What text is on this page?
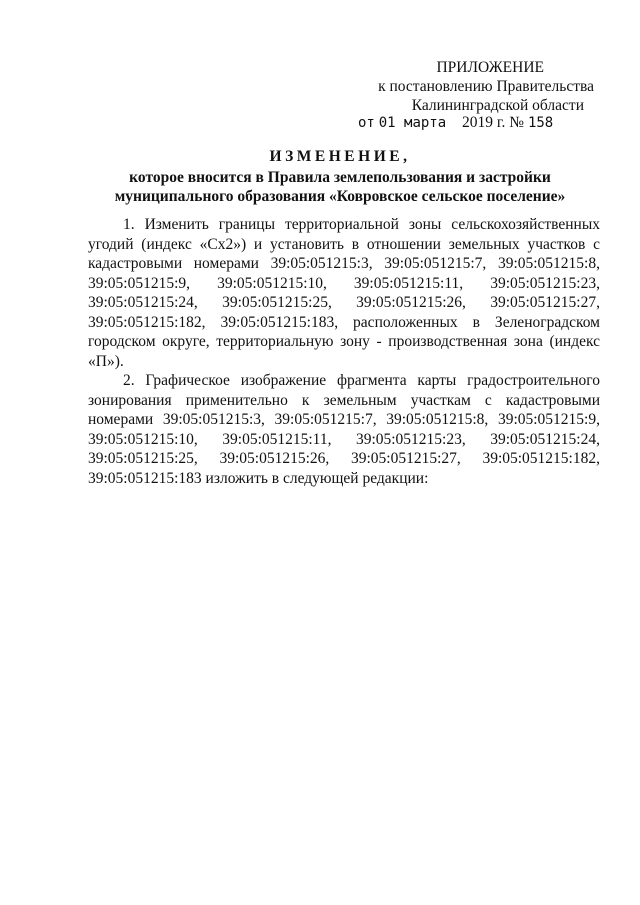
ПРИЛОЖЕНИЕ
к постановлению Правительства
Калининградской области
от 01 марта 2019 г. № 158
ИЗМЕНЕНИЕ,
которое вносится в Правила землепользования и застройки
муниципального образования «Ковровское сельское поселение»

1. Изменить границы территориальной зоны сельскохозяйственных угодий (индекс «Сх2») и установить в отношении земельных участков с кадастровыми номерами 39:05:051215:3, 39:05:051215:7, 39:05:051215:8, 39:05:051215:9, 39:05:051215:10, 39:05:051215:11, 39:05:051215:23, 39:05:051215:24, 39:05:051215:25, 39:05:051215:26, 39:05:051215:27, 39:05:051215:182, 39:05:051215:183, расположенных в Зеленоградском городском округе, территориальную зону - производственная зона (индекс «П»).

2. Графическое изображение фрагмента карты градостроительного зонирования применительно к земельным участкам с кадастровыми номерами 39:05:051215:3, 39:05:051215:7, 39:05:051215:8, 39:05:051215:9, 39:05:051215:10, 39:05:051215:11, 39:05:051215:23, 39:05:051215:24, 39:05:051215:25, 39:05:051215:26, 39:05:051215:27, 39:05:051215:182, 39:05:051215:183 изложить в следующей редакции:
